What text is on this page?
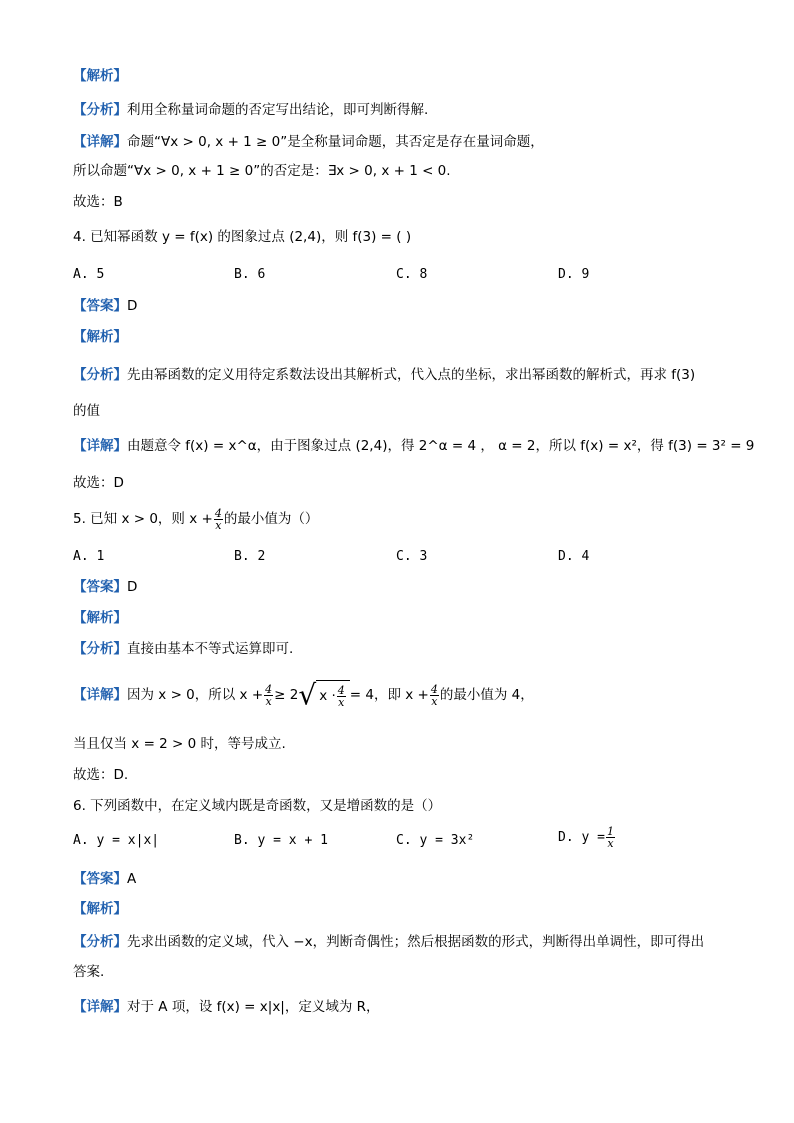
【解析】
【分析】利用全称量词命题的否定写出结论，即可判断得解.
【详解】命题“∀x > 0, x + 1 ≥ 0”是全称量词命题，其否定是存在量词命题，
所以命题“∀x > 0, x + 1 ≥ 0”的否定是：∃x > 0, x + 1 < 0.
故选：B
4. 已知幂函数 y = f(x) 的图象过点 (2,4)，则 f(3) = ( )
A. 5	B. 6	C. 8	D. 9
【答案】D
【解析】
【分析】先由幂函数的定义用待定系数法设出其解析式，代入点的坐标，求出幂函数的解析式，再求 f(3)
的值
【详解】由题意令 f(x) = x^α，由于图象过点 (2,4)，得 2^α = 4 ， α = 2，所以 f(x) = x²，得 f(3) = 3² = 9
故选：D
5. 已知 x > 0，则 $x + \frac{4}{x}$ 的最小值为（）
A. 1	B. 2	C. 3	D. 4
【答案】D
【解析】
【分析】直接由基本不等式运算即可.
【详解】因为 x > 0，所以 $x + \frac{4}{x} \ge 2√$ $x \cdot \frac{4}{x} = 4$，即 $x + \frac{4}{x}$ 的最小值为 4，
当且仅当 x = 2 > 0 时，等号成立.
故选：D.
6. 下列函数中，在定义域内既是奇函数，又是增函数的是（）
A. y = x|x|	B. y = x + 1	C. y = 3x²	D. $y = \frac{1}{x}$
【答案】A
【解析】
【分析】先求出函数的定义域，代入 −x，判断奇偶性；然后根据函数的形式，判断得出单调性，即可得出
答案.
【详解】对于 A 项，设 f(x) = x|x|，定义域为 R，
